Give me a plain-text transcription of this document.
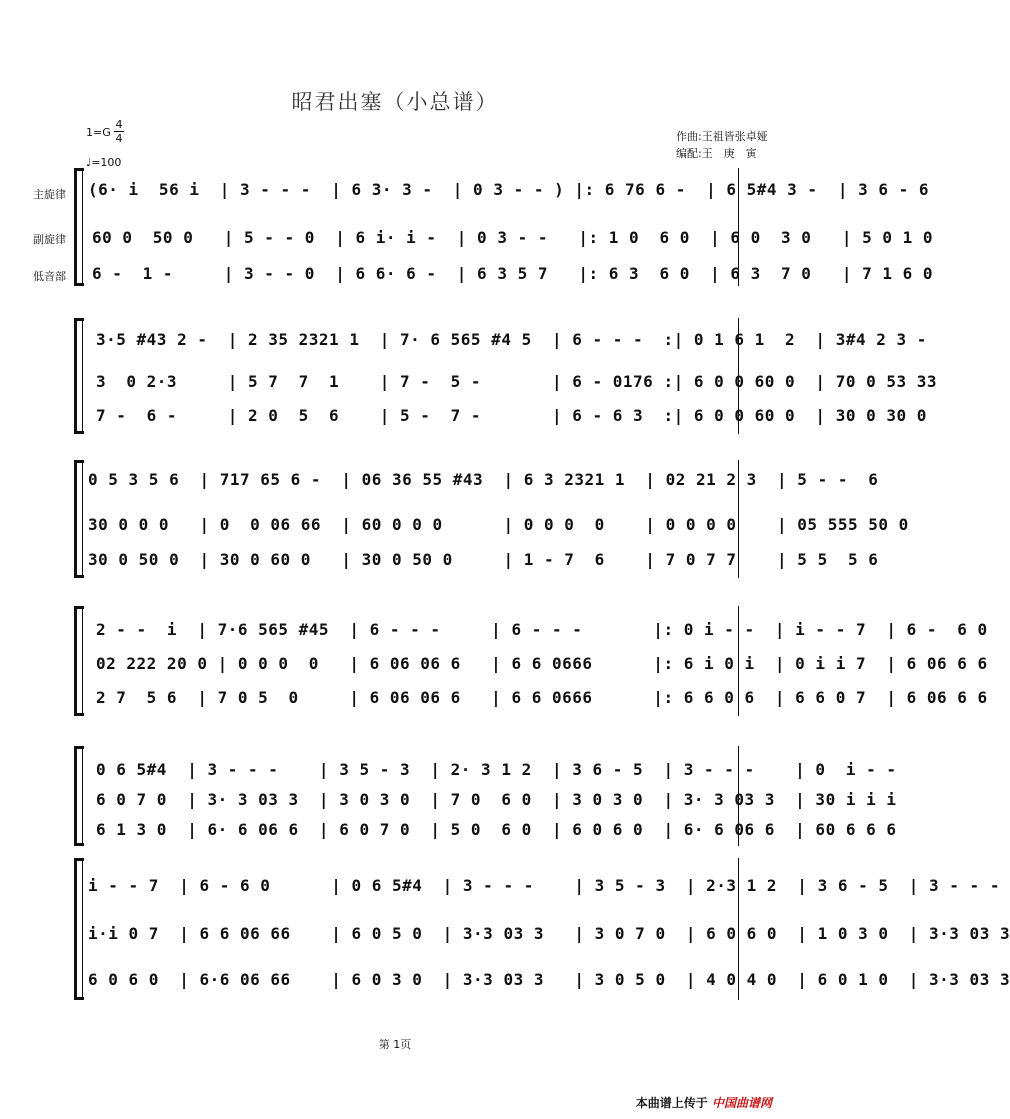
昭君出塞（小总谱）
1=G
4
4
♩=100
作曲:王祖皆张卓娅
编配:王　庚　寅
主旋律
副旋律
低音部
(6· i  56 i  | 3 - - -  | 6 3· 3 -  | 0 3 - - ) |: 6 76 6 -  | 6 5#4 3 -  | 3 6 - 6
60 0  50 0   | 5 - - 0  | 6 i· i -  | 0 3 - -   |: 1 0  6 0  | 6 0  3 0   | 5 0 1 0
6 -  1 -     | 3 - - 0  | 6 6· 6 -  | 6 3 5 7   |: 6 3  6 0  | 6 3  7 0   | 7 1 6 0
3·5 #43 2 -  | 2 35 2321 1  | 7· 6 565 #4 5  | 6 - - -  :| 0 1 6 1  2  | 3#4 2 3 -
3  0 2·3     | 5 7  7  1    | 7 -  5 -       | 6 - 0176 :| 6 0 0 60 0  | 70 0 53 33
7 -  6 -     | 2 0  5  6    | 5 -  7 -       | 6 - 6 3  :| 6 0 0 60 0  | 30 0 30 0
0 5 3 5 6  | 717 65 6 -  | 06 36 55 #43  | 6 3 2321 1  | 02 21 2 3  | 5 - -  6
30 0 0 0   | 0  0 06 66  | 60 0 0 0      | 0 0 0  0    | 0 0 0 0    | 05 555 50 0
30 0 50 0  | 30 0 60 0   | 30 0 50 0     | 1 - 7  6    | 7 0 7 7    | 5 5  5 6
2 - -  i  | 7·6 565 #45  | 6 - - -     | 6 - - -       |: 0 i - -  | i - - 7  | 6 -  6 0
02 222 20 0 | 0 0 0  0   | 6 06 06 6   | 6 6 0666      |: 6 i 0 i  | 0 i i 7  | 6 06 6 6
2 7  5 6  | 7 0 5  0     | 6 06 06 6   | 6 6 0666      |: 6 6 0 6  | 6 6 0 7  | 6 06 6 6
0 6 5#4  | 3 - - -    | 3 5 - 3  | 2· 3 1 2  | 3 6 - 5  | 3 - - -    | 0  i - -
6 0 7 0  | 3· 3 03 3  | 3 0 3 0  | 7 0  6 0  | 3 0 3 0  | 3· 3 03 3  | 30 i i i
6 1 3 0  | 6· 6 06 6  | 6 0 7 0  | 5 0  6 0  | 6 0 6 0  | 6· 6 06 6  | 60 6 6 6
i - - 7  | 6 - 6 0      | 0 6 5#4  | 3 - - -    | 3 5 - 3  | 2·3 1 2  | 3 6 - 5  | 3 - - -
i·i 0 7  | 6 6 06 66    | 6 0 5 0  | 3·3 03 3   | 3 0 7 0  | 6 0 6 0  | 1 0 3 0  | 3·3 03 3
6 0 6 0  | 6·6 06 66    | 6 0 3 0  | 3·3 03 3   | 3 0 5 0  | 4 0 4 0  | 6 0 1 0  | 3·3 03 3
第 1页
本曲谱上传于 中国曲谱网
